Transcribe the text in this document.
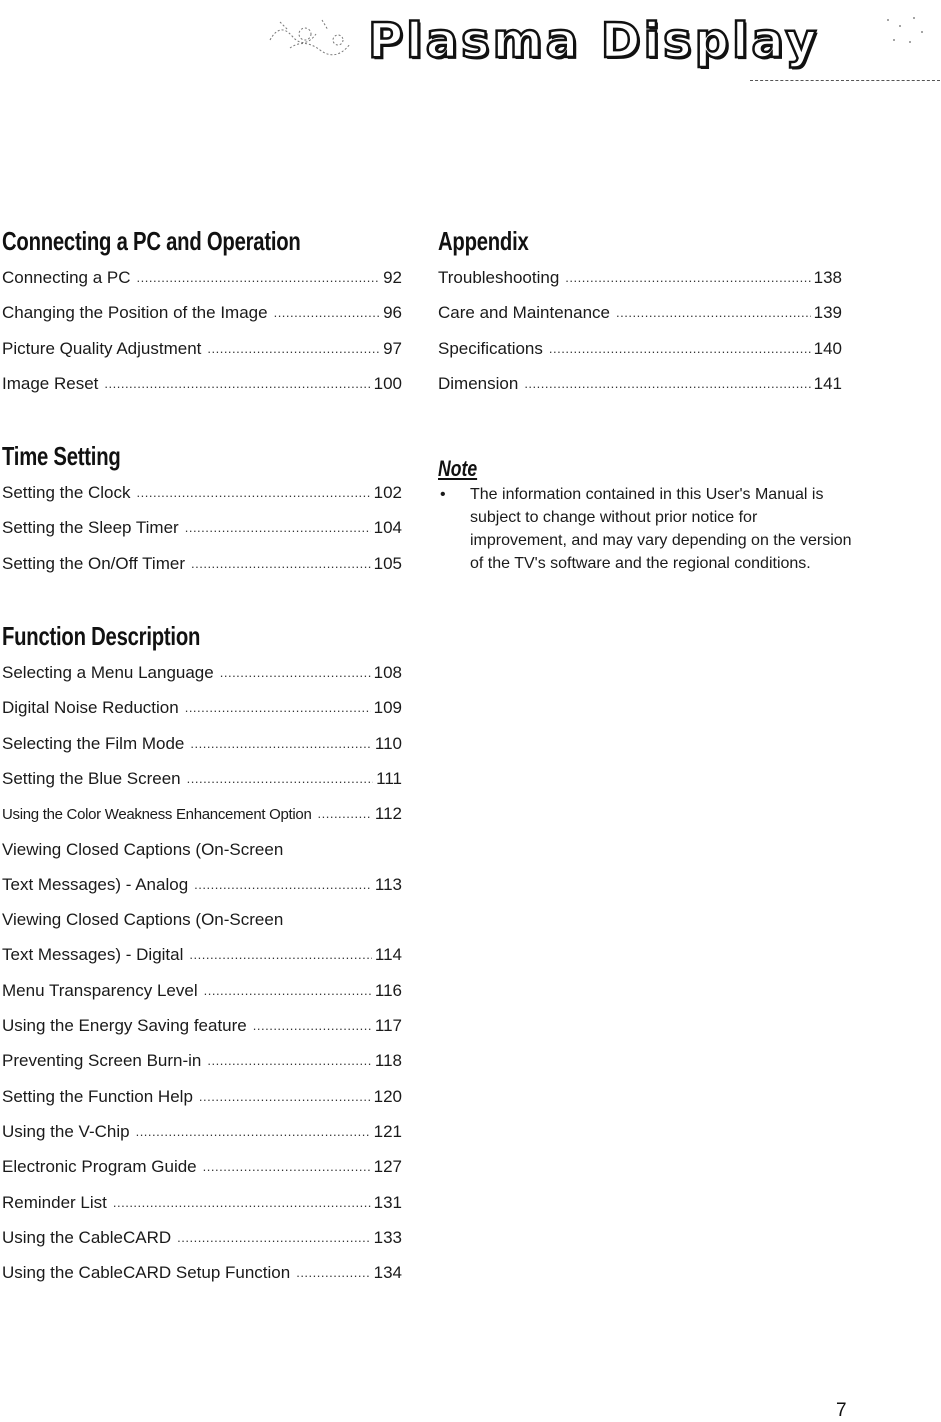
Plasma Display
Connecting a PC and Operation
Connecting a PC .....	92
Changing the Position of the Image .....	96
Picture Quality Adjustment .....	97
Image Reset .....	100
Time Setting
Setting the Clock .....	102
Setting the Sleep Timer .....	104
Setting the On/Off Timer .....	105
Function Description
Selecting a Menu Language .....	108
Digital Noise Reduction .....	109
Selecting the Film Mode .....	110
Setting the Blue Screen .....	111
Using the Color Weakness Enhancement Option .....	112
Viewing Closed Captions (On-Screen
Text Messages) - Analog .....	113
Viewing Closed Captions (On-Screen
Text Messages) - Digital .....	114
Menu Transparency Level .....	116
Using the Energy Saving feature .....	117
Preventing Screen Burn-in .....	118
Setting the Function Help .....	120
Using the V-Chip .....	121
Electronic Program Guide .....	127
Reminder List .....	131
Using the CableCARD .....	133
Using the CableCARD Setup Function .....	134
Appendix
Troubleshooting .....	138
Care and Maintenance .....	139
Specifications .....	140
Dimension .....	141
Note
•	The information contained in this User's Manual is subject to change without prior notice for improvement, and may vary depending on the version of the TV's software and the regional conditions.
7
